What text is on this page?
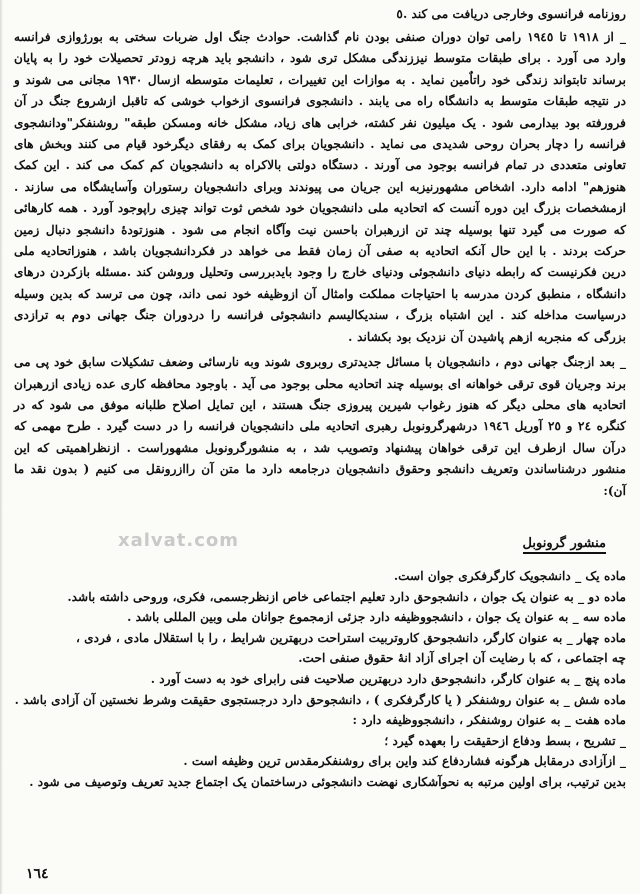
روزنامه فرانسوی وخارجی دریافت می کند .٥

_ از ١٩١٨ تا ١٩٤٥ رامی توان دوران صنفی بودن نام گذاشت. حوادث جنگ اول ضربات سختی به بورژوازی فرانسه وارد می آورد . برای طبقات متوسط نیززندگی مشکل تری شود ، دانشجو باید هرچه زودتر تحصیلات خود را به پایان برساند تابتواند زندگی خود راتاٌمین نماید . به موازات این تغییرات ، تعلیمات متوسطه ازسال ١٩٣٠ مجانی می شوند و در نتیجه طبقات متوسط به دانشگاه راه می یابند . دانشجوی فرانسوی ازخواب خوشی که تاقبل ازشروع جنگ در آن فرورفته بود بیدارمی شود . یک میلیون نفر کشته، خرابی های زیاد، مشکل خانه ومسکن طبقه" روشنفکر"ودانشجوی فرانسه را دچار بحران روحی شدیدی می نماید . دانشجویان برای کمک به رفقای دیگرخود قیام می کنند وبخش های تعاونی متعددی در تمام فرانسه بوجود می آورند . دستگاه دولتی بالاکراه به دانشجویان کم کمک می کند . این کمک هنوزهم" ادامه دارد. اشخاص مشهورنیزبه این جریان می پیوندند وبرای دانشجویان رستوران وآسایشگاه می سازند . ازمشخصات بزرگ این دوره آنست که اتحادیه ملی دانشجویان خود شخص ثوت تواند چیزی راپوجود آورد . همه کارهائی که صورت می گیرد تنها بوسیله چند تن ازرهبران باحسن نیت وآگاه انجام می شود . هنوزتودهٔ دانشجو دنبال زمین حرکت بردند . با این حال آنکه اتحادیه به صفی آن زمان فقط می خواهد در فکردانشجویان باشد ، هنوزاتحادیه ملی درین فکرنیست که رابطه دنیای دانشجوئی ودنیای خارج را وجود بایدبررسی وتحلیل وروشن کند .مسئله بازکردن درهای دانشگاه ، منطبق کردن مدرسه با احتیاجات مملکت وامثال آن ازوظیفه خود نمی داند، چون می ترسد که بدین وسیله درسیاست مداخله کند . این اشتباه بزرگ ، سندیکالیسم دانشجوئی فرانسه را دردوران جنگ جهانی دوم به ترازدی بزرگی که منجربه ازهم پاشیدن آن نزدیک بود بکشاند .

_ بعد ازجنگ جهانی دوم ، دانشجویان با مسائل جدیدتری روبروی شوند وبه نارسائی وضعف تشکیلات سابق خود پی می برند وجریان قوی ترقی خواهانه ای بوسیله چند اتحادیه محلی بوجود می آید . باوجود محافظه کاری عده زیادی ازرهبران اتحادیه های محلی دیگر که هنوز رغواب شیرین پیروزی جنگ هستند ، این تمایل اصلاح طلبانه موفق می شود که در کنگره ٢٤ و ٢٥ آوریل ١٩٤٦ درشهرگرونوبل رهبری اتحادیه ملی دانشجویان فرانسه را در دست گیرد . طرح مهمی که درآن سال ازطرف این ترقی خواهان پیشنهاد وتصویب شد ، به منشورگرونوبل مشهوراست . ازنظراهمیتی که این منشور درشناساندن وتعریف دانشجو وحقوق دانشجویان درجامعه دارد ما متن آن راازرونقل می کنیم ( بدون نقد ما آن):

xalvat.com	منشور گرونوبل

ماده یک _ دانشجویک کارگرفکری جوان است.

ماده دو _ به عنوان یک جوان ، دانشجوحق دارد تعلیم اجتماعی خاص ازنظرجسمی، فکری، وروحی داشته باشد.

ماده سه _ به عنوان یک جوان ، دانشجووظیفه دارد جزئی ازمجموع جوانان ملی وبین المللی باشد .

ماده چهار _ به عنوان کارگر، دانشجوحق کاروتربیت استراحت دربهترین شرایط ، را با استقلال مادی ، فردی ،

چه اجتماعی ، که با رضایت آن اجرای آزاد انهٔ حقوق صنفی احت.

ماده پنج _ به عنوان کارگر، دانشجوحق دارد دربهترین صلاحیت فنی رابرای خود به دست آورد .

ماده شش _ به عنوان روشنفکر ( یا کارگرفکری ) ، دانشجوحق دارد درجستجوی حقیقت وشرط نخستین آن آزادی باشد .

ماده هفت _ به عنوان روشنفکر ، دانشجووظیفه دارد :

_ تشریح ، بسط ودفاع ازحقیقت را بعهده گیرد ؛

_ ازآزادی درمقابل هرگونه فشاردفاع کند واین برای روشنفکرمقدس ترین وظیفه است .

بدین ترتیب، برای اولین مرتبه به نحوآشکاری نهضت دانشجوئی درساختمان یک اجتماع جدید تعریف وتوصیف می شود .

١٦٤
